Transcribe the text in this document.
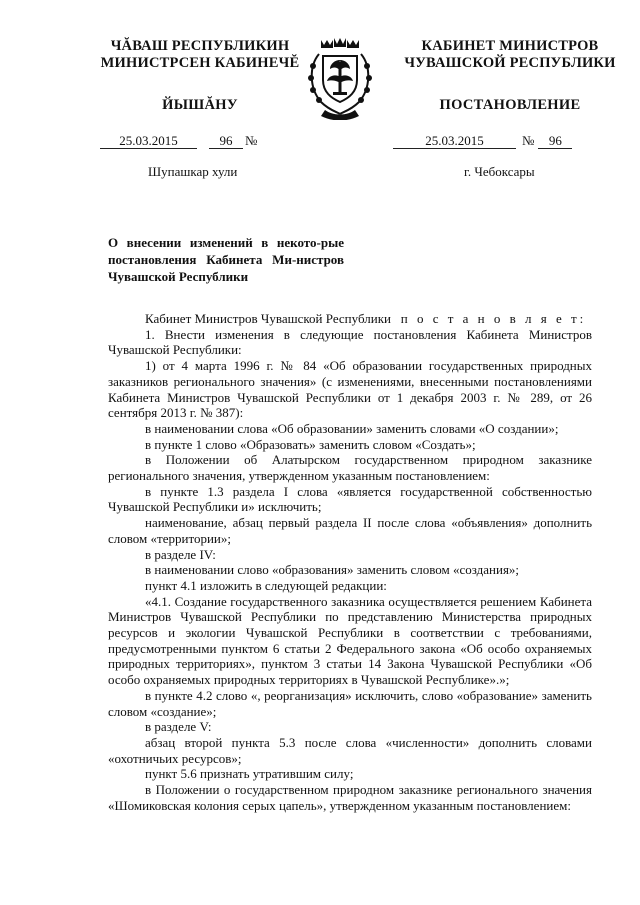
ЧĂВАШ РЕСПУБЛИКИН
МИНИСТРСЕН КАБИНЕЧĔ
ЙЫШĂНУ
КАБИНЕТ МИНИСТРОВ
ЧУВАШСКОЙ РЕСПУБЛИКИ
ПОСТАНОВЛЕНИЕ
25.03.2015	96 №	25.03.2015	№ 96
Шупашкар хули	г. Чебоксары
О внесении изменений в некото-рые постановления Кабинета Ми-нистров Чувашской Республики

Кабинет Министров Чувашской Республики п о с т а н о в л я е т:

1. Внести изменения в следующие постановления Кабинета Министров Чувашской Республики:

1) от 4 марта 1996 г. № 84 «Об образовании государственных природных заказников регионального значения» (с изменениями, внесенными постановлениями Кабинета Министров Чувашской Республики от 1 декабря 2003 г. № 289, от 26 сентября 2013 г. № 387):

в наименовании слова «Об образовании» заменить словами «О создании»;

в пункте 1 слово «Образовать» заменить словом «Создать»;

в Положении об Алатырском государственном природном заказнике регионального значения, утвержденном указанным постановлением:

в пункте 1.3 раздела I слова «является государственной собственностью Чувашской Республики и» исключить;

наименование, абзац первый раздела II после слова «объявления» дополнить словом «территории»;

в разделе IV:

в наименовании слово «образования» заменить словом «создания»;

пункт 4.1 изложить в следующей редакции:

«4.1. Создание государственного заказника осуществляется решением Кабинета Министров Чувашской Республики по представлению Министерства природных ресурсов и экологии Чувашской Республики в соответствии с требованиями, предусмотренными пунктом 6 статьи 2 Федерального закона «Об особо охраняемых природных территориях», пунктом 3 статьи 14 Закона Чувашской Республики «Об особо охраняемых природных территориях в Чувашской Республике».»;

в пункте 4.2 слово «, реорганизация» исключить, слово «образование» заменить словом «создание»;

в разделе V:

абзац второй пункта 5.3 после слова «численности» дополнить словами «охотничьих ресурсов»;

пункт 5.6 признать утратившим силу;

в Положении о государственном природном заказнике регионального значения «Шомиковская колония серых цапель», утвержденном указанным постановлением:
